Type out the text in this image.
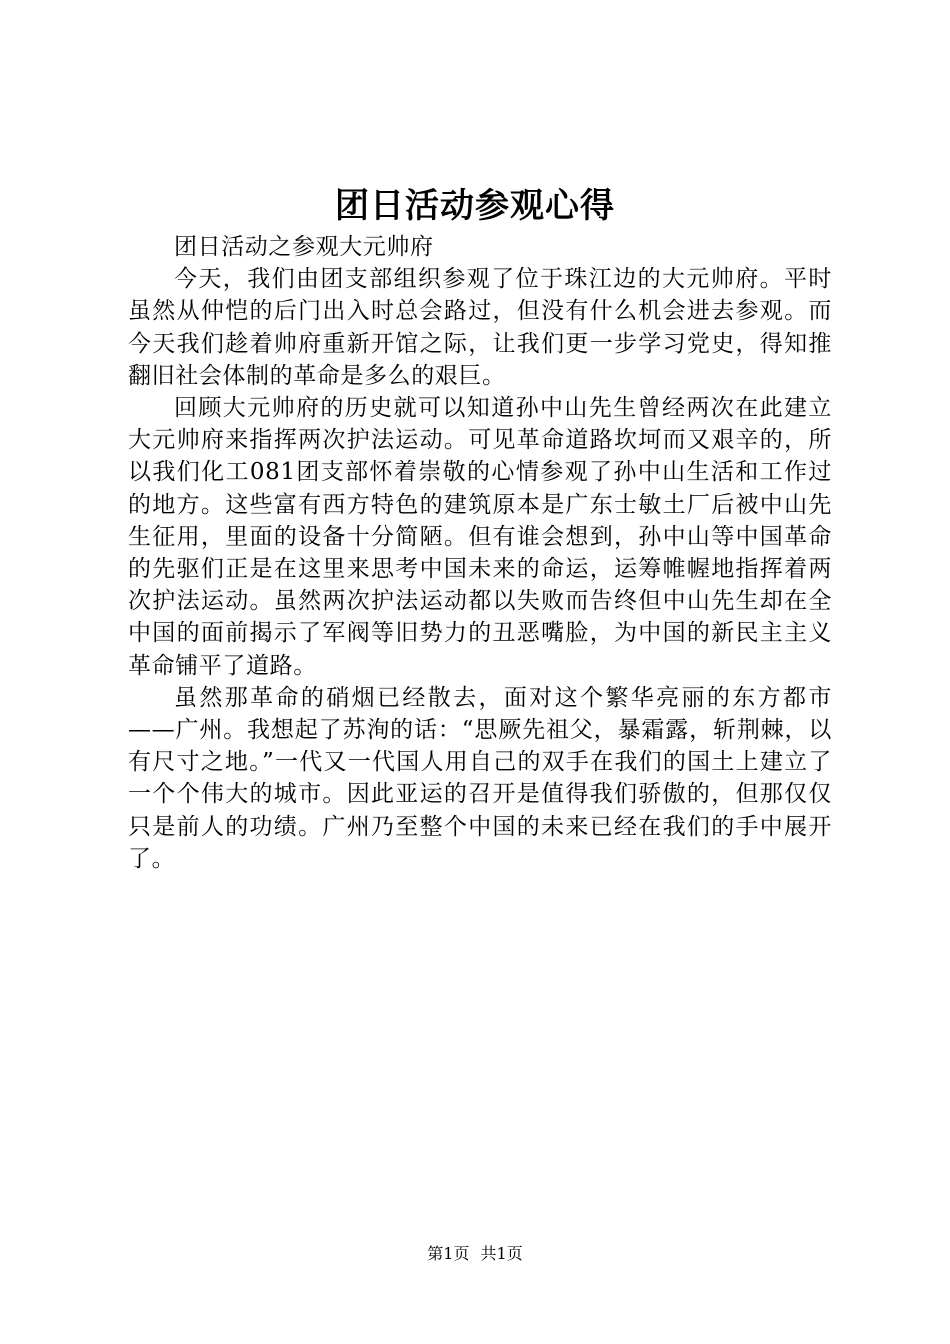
团日活动参观心得

团日活动之参观大元帅府

今天，我们由团支部组织参观了位于珠江边的大元帅府。平时虽然从仲恺的后门出入时总会路过，但没有什么机会进去参观。而今天我们趁着帅府重新开馆之际，让我们更一步学习党史，得知推翻旧社会体制的革命是多么的艰巨。

回顾大元帅府的历史就可以知道孙中山先生曾经两次在此建立大元帅府来指挥两次护法运动。可见革命道路坎坷而又艰辛的，所以我们化工081团支部怀着崇敬的心情参观了孙中山生活和工作过的地方。这些富有西方特色的建筑原本是广东士敏土厂后被中山先生征用，里面的设备十分简陋。但有谁会想到，孙中山等中国革命的先驱们正是在这里来思考中国未来的命运，运筹帷幄地指挥着两次护法运动。虽然两次护法运动都以失败而告终但中山先生却在全中国的面前揭示了军阀等旧势力的丑恶嘴脸，为中国的新民主主义革命铺平了道路。

虽然那革命的硝烟已经散去，面对这个繁华亮丽的东方都市——广州。我想起了苏洵的话：“思厥先祖父，暴霜露，斩荆棘，以有尺寸之地。”一代又一代国人用自己的双手在我们的国土上建立了一个个伟大的城市。因此亚运的召开是值得我们骄傲的，但那仅仅只是前人的功绩。广州乃至整个中国的未来已经在我们的手中展开了。

第1页 共1页
